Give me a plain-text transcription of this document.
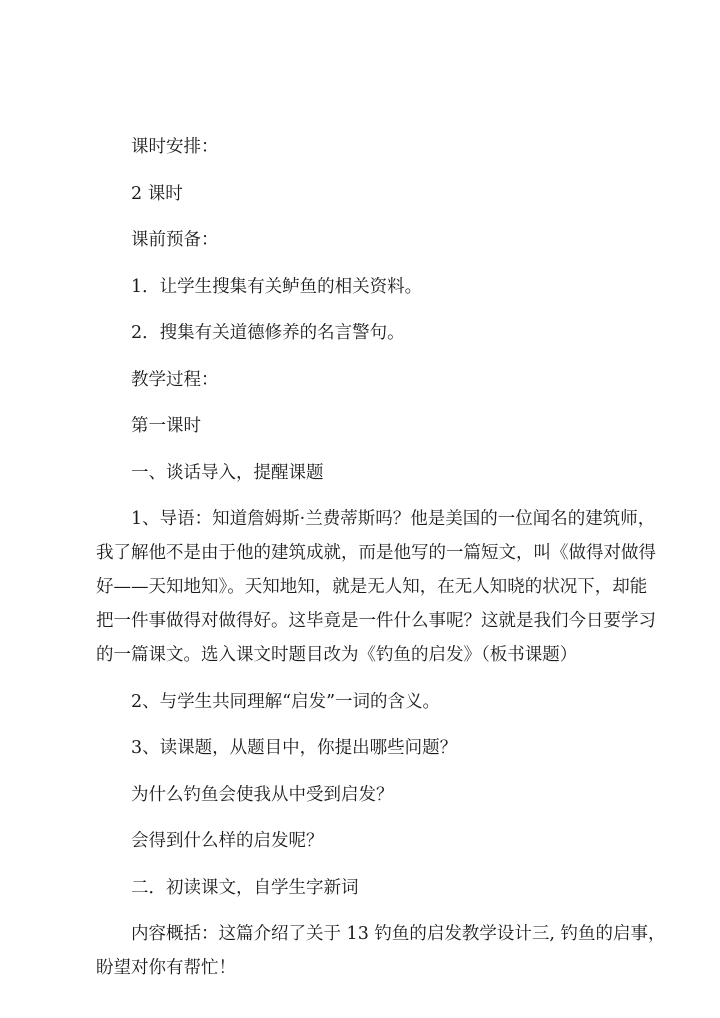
课时安排：
2 课时
课前预备：
1．让学生搜集有关鲈鱼的相关资料。
2．搜集有关道德修养的名言警句。
教学过程：
第一课时
一、谈话导入，提醒课题
1、导语：知道詹姆斯·兰费蒂斯吗？他是美国的一位闻名的建筑师，
我了解他不是由于他的建筑成就，而是他写的一篇短文，叫《做得对做得
好——天知地知》。天知地知，就是无人知，在无人知晓的状况下，却能
把一件事做得对做得好。这毕竟是一件什么事呢？这就是我们今日要学习
的一篇课文。选入课文时题目改为《钓鱼的启发》（板书课题）
2、与学生共同理解“启发”一词的含义。
3、读课题，从题目中，你提出哪些问题？
为什么钓鱼会使我从中受到启发？
会得到什么样的启发呢？
二．初读课文，自学生字新词
内容概括：这篇介绍了关于 13 钓鱼的启发教学设计三, 钓鱼的启事，
盼望对你有帮忙！
